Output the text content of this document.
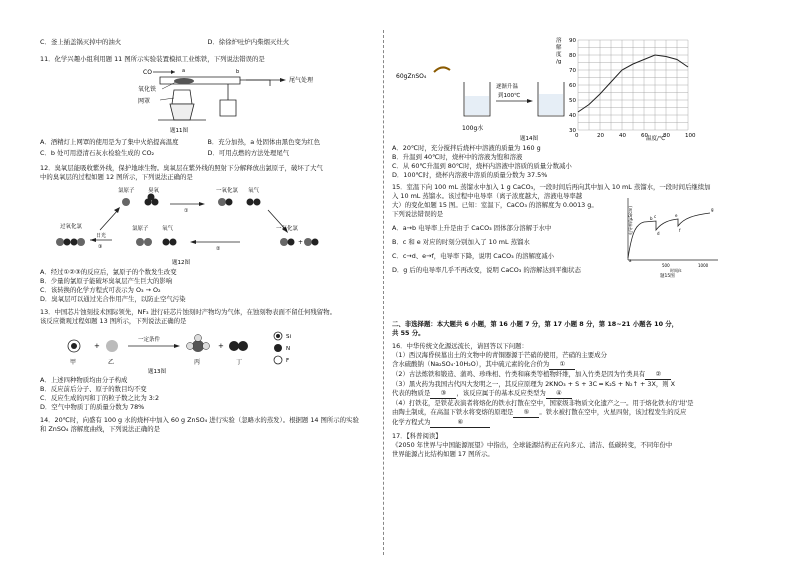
C．釜上插盖锅灭掉中的油火	D．徐徐炉吐炉内柴烟灭灶火
11．化学兴趣小组利用题 11 图所示实验装置模拟工业炼铁，下列说法错误的是
CO	a	b
尾气处理
氧化铁
网罩
题11图
A．酒精灯上网罩的使用是为了集中火焰提高温度	B．充分加热，a 处固体由黑色变为红色
C．b 处可用澄清石灰水检验生成的 CO₂	D．可用点燃的方法处理尾气
12．臭氧层能吸收紫外线，保护地球生物。臭氧层在紫外线的照射下分解释放出氯原子，破坏了大气
中的臭氧层的过程如题 12 图所示，下列说法正确的是
氯原子 臭氧
①
一氧化氯 氧气
过氧化氯
日光
③
氯原子 氧气
②
一氧化氯
+
题12图
A．经过①②③的反应后，氯原子的个数发生改变
B．少量的氯原子能破坏臭氧层产生巨大的影响
C．该转换的化学方程式可表示为 O₃ → O₂
D．臭氧层可以通过光合作用产生，以防止空气污染
13．中国芯片蚀刻技术国际领先，NF₃ 进行硅芯片蚀刻时产物均为气体，在蚀刻物表面不留任何残留物。
该反应微观过程如题 13 图所示，下列说法正确的是
甲
+
乙
一定条件
丙
+
丁
Si
N
F
题13图
A．上述四种物质均由分子构成
B．反应前后分子、原子的数目均不变
C．反应生成的丙和丁的粒子数之比为 3:2
D．空气中物质丁的质量分数为 78%
14．20℃时，向盛有 100 g 水的烧杯中加入 60 g ZnSO₄ 进行实验（忽略水的蒸发）。根据题 14 图所示的实验
和 ZnSO₄ 溶解度曲线，下列说法正确的是
60gZnSO₄
100g水
逐渐升温
到100℃
30
40
50
60
70
80
90
0	20	40	60	80	100
溶
解
度
/g
温度/℃
题14图
A．20℃时，充分搅拌后烧杯中溶液的质量为 160 g
B．升温到 40℃时，烧杯中的溶液为饱和溶液
C．从 60℃升温到 80℃时，烧杯内溶液中溶质的质量分数减小
D．100℃时，烧杯内溶液中溶质的质量分数为 37.5%
15．室温下向 100 mL 蒸馏水中加入 1 g CaCO₃，一段时间后再向其中加入 10 mL 蒸馏水，一段时间后继续加
入 10 mL 蒸馏水。该过程中电导率（离子浓度越大，溶液电导率越
大）的变化如题 15 图。已知：室温下，CaCO₃ 的溶解度为 0.0013 g。
下列说法错误的是
A．a→b 电导率上升是由于 CaCO₃ 固体部分溶解于水中
B．c 和 e 对应的时刻分别加入了 10 mL 蒸馏水
C．c→d、e→f，电导率下降，说明 CaCO₃ 的溶解度减小
D．g 后的电导率几乎不再改变，说明 CaCO₃ 的溶解达到平衡状态
电导率/(μS/cm)
a
b c
d
e
f
g
500	1000
时间/s
题15图
二、非选择题：本大题共 6 小题，第 16 小题 7 分，第 17 小题 8 分，第 18~21 小题各 10 分，
共 55 分。
16．中华传统文化源远流长，请回答以下问题：
（1）西汉海昏侯墓出土的文物中的青铜器源于芒硝的使用，芒硝的主要成分
含水硫酸钠（Na₂SO₄·10H₂O），其中硫元素的化合价为 ①
（2）古法炼铁和锻造、蒲鸡、珍珠相、竹类和麻类等植物纤维，加入竹类是因为竹类具有 ②
（3）黑火药为我国古代四大发明之一，其反应原理为 2KNO₃ + S + 3C ═ K₂S + N₂↑ + 3X，则 X
代表的物质是 ③ ，该反应属于的基本反应类型为 ④
（4）打铁花，是铁花表演者将熔化的铁水打散在空中，国家级非物质文化遗产之一。用于熔化铁水的'坩'是
由陶土制成，在高温下铁水将变熔的原理是 ⑤ 。铁水被打散在空中，火星四射，该过程发生的反应
化学方程式为	⑥
17．【科普阅读】
《2050 年世界与中国能源展望》中指出，全球能源结构正在向多元、清洁、低碳转变，不同年份中
世界能源占比结构如题 17 图所示。
